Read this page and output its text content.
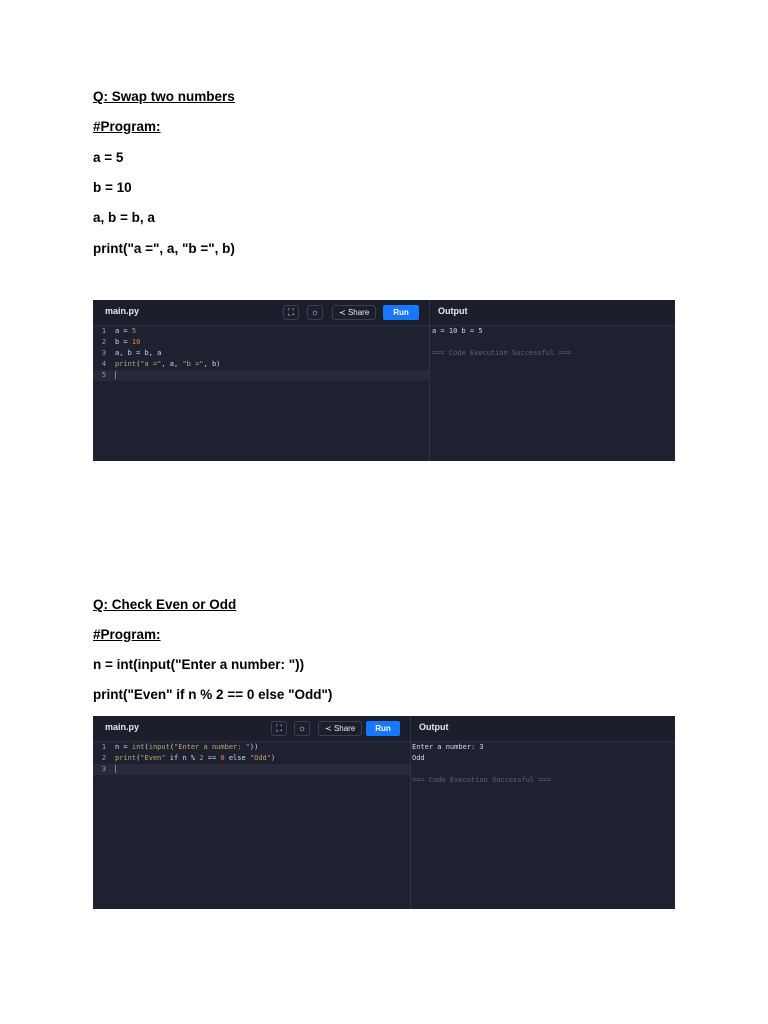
Q: Swap two numbers

#Program:

a = 5

b = 10

a, b = b, a

print("a =", a, "b =", b)

main.py	⛶	☼	≺ Share	Run	Output
1 a = 5
2 b = 10
3 a, b = b, a
4 print("a =", a, "b =", b)
5
a = 10 b = 5
=== Code Execution Successful ===

Q: Check Even or Odd

#Program:

n = int(input("Enter a number: "))

print("Even" if n % 2 == 0 else "Odd")

main.py	⛶	☼	≺ Share	Run	Output
1 n = int(input("Enter a number: "))
2 print("Even" if n % 2 == 0 else "Odd")
3
Enter a number: 3
Odd
=== Code Execution Successful ===
